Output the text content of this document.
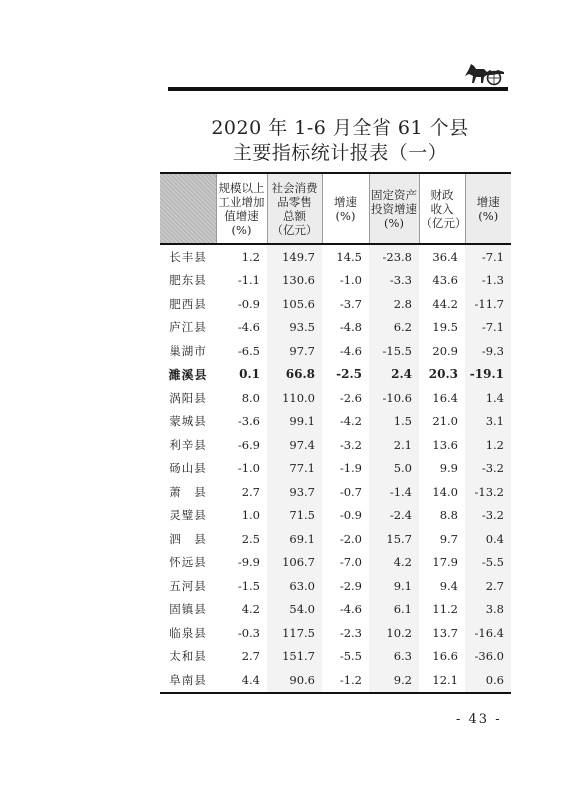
2020 年 1-6 月全省 61 个县
主要指标统计报表（一）
	规模以上
工业增加
值增速
(%)	社会消费
品零售
总额
（亿元）	增速
(%)	固定资产
投资增速
(%)	财政
收入
（亿元）	增速
(%)
长丰县	1.2	149.7	14.5	-23.8	36.4	-7.1
肥东县	-1.1	130.6	-1.0	-3.3	43.6	-1.3
肥西县	-0.9	105.6	-3.7	2.8	44.2	-11.7
庐江县	-4.6	93.5	-4.8	6.2	19.5	-7.1
巢湖市	-6.5	97.7	-4.6	-15.5	20.9	-9.3
濉溪县	0.1	66.8	-2.5	2.4	20.3	-19.1
涡阳县	8.0	110.0	-2.6	-10.6	16.4	1.4
蒙城县	-3.6	99.1	-4.2	1.5	21.0	3.1
利辛县	-6.9	97.4	-3.2	2.1	13.6	1.2
砀山县	-1.0	77.1	-1.9	5.0	9.9	-3.2
萧　县	2.7	93.7	-0.7	-1.4	14.0	-13.2
灵璧县	1.0	71.5	-0.9	-2.4	8.8	-3.2
泗　县	2.5	69.1	-2.0	15.7	9.7	0.4
怀远县	-9.9	106.7	-7.0	4.2	17.9	-5.5
五河县	-1.5	63.0	-2.9	9.1	9.4	2.7
固镇县	4.2	54.0	-4.6	6.1	11.2	3.8
临泉县	-0.3	117.5	-2.3	10.2	13.7	-16.4
太和县	2.7	151.7	-5.5	6.3	16.6	-36.0
阜南县	4.4	90.6	-1.2	9.2	12.1	0.6
- 43 -
